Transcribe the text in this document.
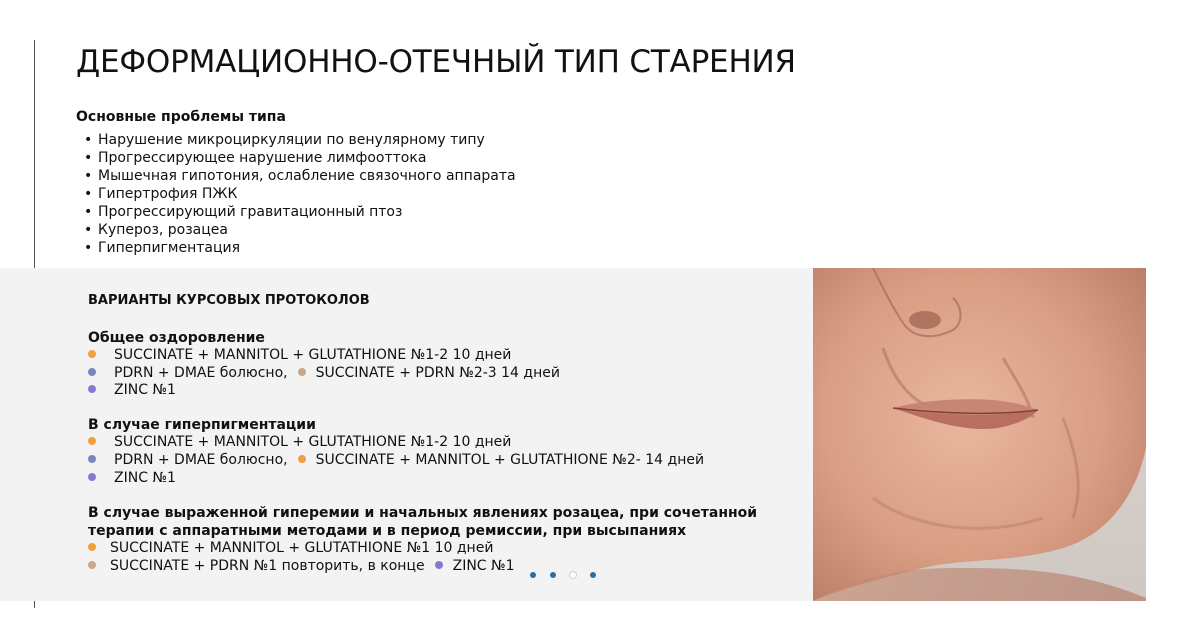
ДЕФОРМАЦИОННО-ОТЕЧНЫЙ ТИП СТАРЕНИЯ
Основные проблемы типа
• Нарушение микроциркуляции по венулярному типу
• Прогрессирующее нарушение лимфооттока
• Мышечная гипотония, ослабление связочного аппарата
• Гипертрофия ПЖК
• Прогрессирующий гравитационный птоз
• Купероз, розацеа
• Гиперпигментация
ВАРИАНТЫ КУРСОВЫХ ПРОТОКОЛОВ
Общее оздоровление
SUCCINATE + MANNITOL + GLUTATHIONE №1-2 10 дней
PDRN + DMAE болюсно, SUCCINATE + PDRN №2-3 14 дней
ZINC №1
В случае гиперпигментации
SUCCINATE + MANNITOL + GLUTATHIONE №1-2 10 дней
PDRN + DMAE болюсно, SUCCINATE + MANNITOL + GLUTATHIONE №2- 14 дней
ZINC №1
В случае выраженной гиперемии и начальных явлениях розацеа, при сочетанной
терапии с аппаратными методами и в период ремиссии, при высыпаниях
SUCCINATE + MANNITOL + GLUTATHIONE №1 10 дней
SUCCINATE + PDRN №1 повторить, в конце ZINC №1
